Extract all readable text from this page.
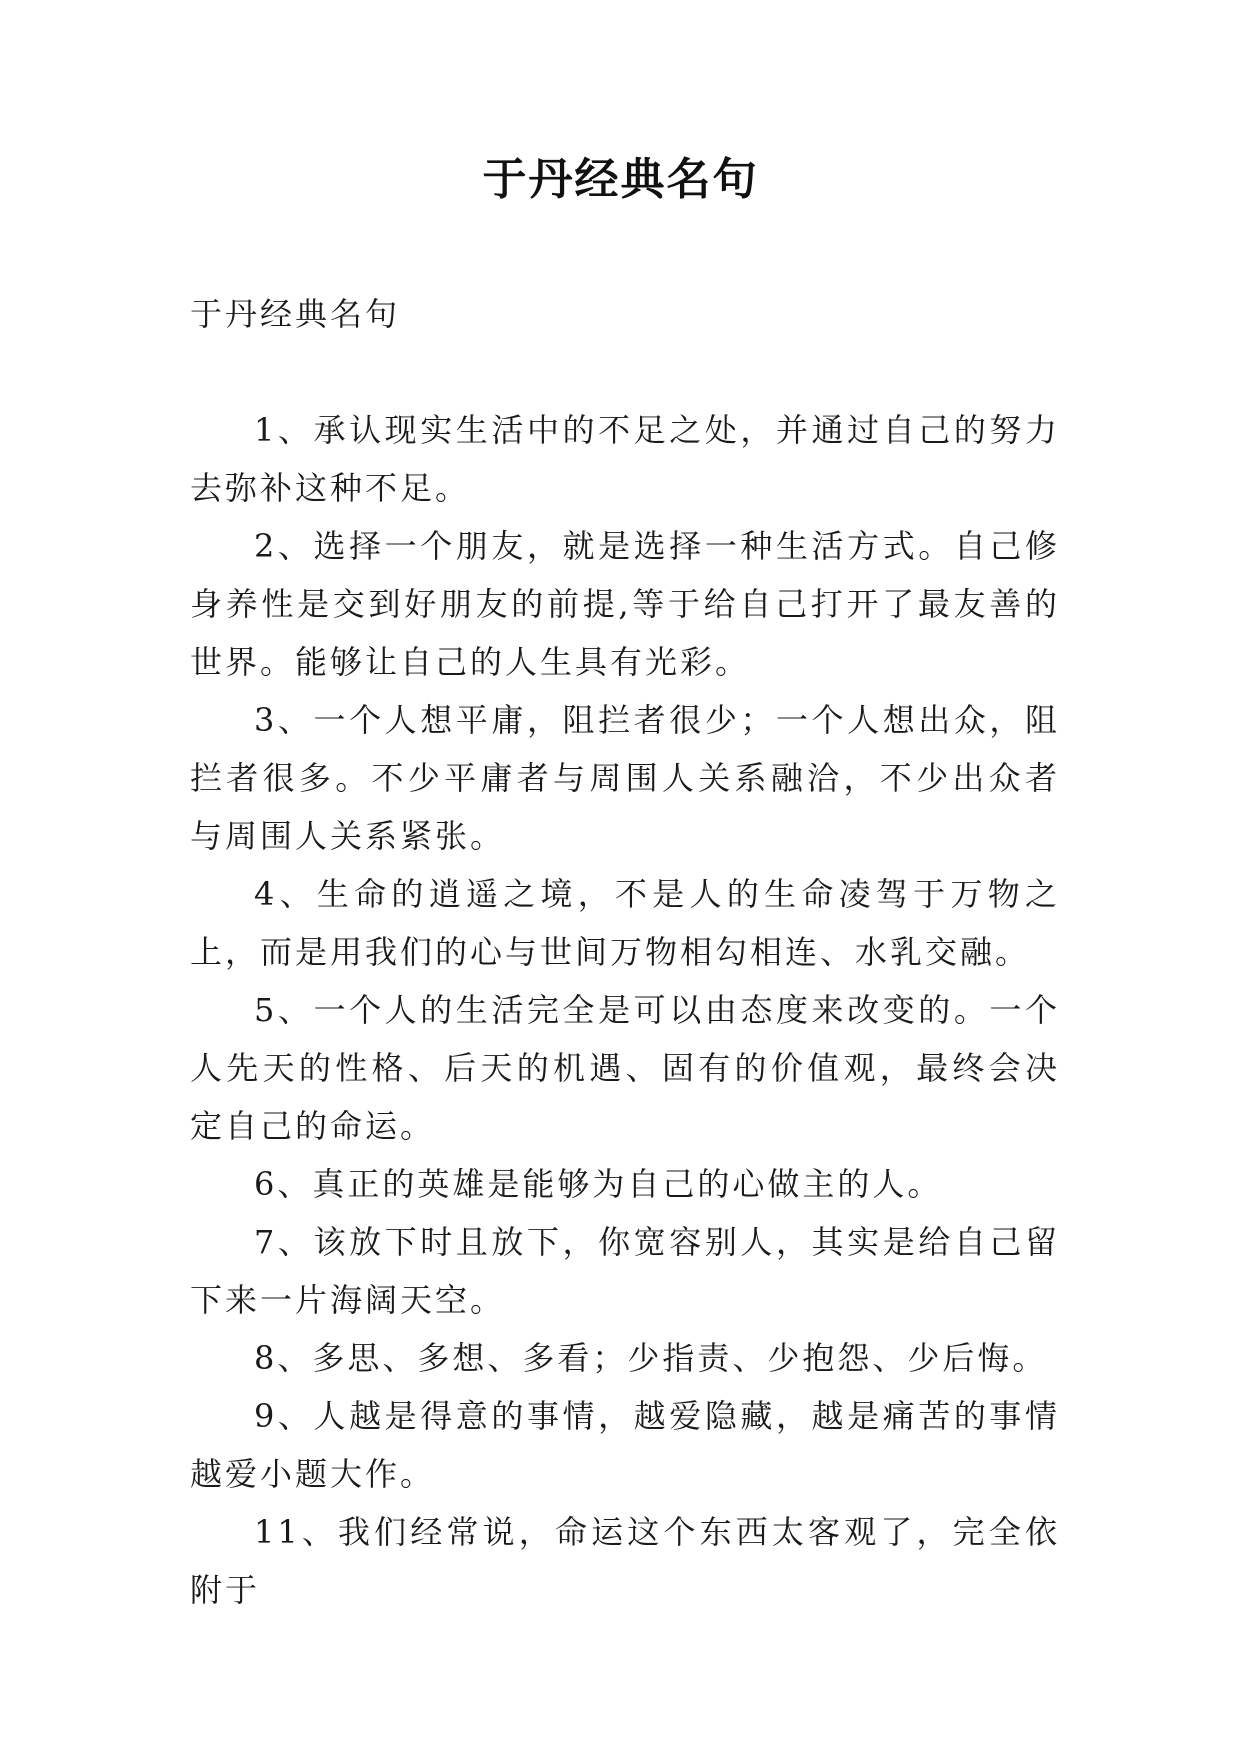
于丹经典名句

于丹经典名句

1、承认现实生活中的不足之处，并通过自己的努力去弥补这种不足。

2、选择一个朋友，就是选择一种生活方式。自己修身养性是交到好朋友的前提,等于给自己打开了最友善的世界。能够让自己的人生具有光彩。

3、一个人想平庸，阻拦者很少；一个人想出众，阻拦者很多。不少平庸者与周围人关系融洽，不少出众者与周围人关系紧张。

4、生命的逍遥之境，不是人的生命凌驾于万物之上，而是用我们的心与世间万物相勾相连、水乳交融。

5、一个人的生活完全是可以由态度来改变的。一个人先天的性格、后天的机遇、固有的价值观，最终会决定自己的命运。

6、真正的英雄是能够为自己的心做主的人。

7、该放下时且放下，你宽容别人，其实是给自己留下来一片海阔天空。

8、多思、多想、多看；少指责、少抱怨、少后悔。

9、人越是得意的事情，越爱隐藏，越是痛苦的事情越爱小题大作。

11、我们经常说，命运这个东西太客观了，完全依附于
